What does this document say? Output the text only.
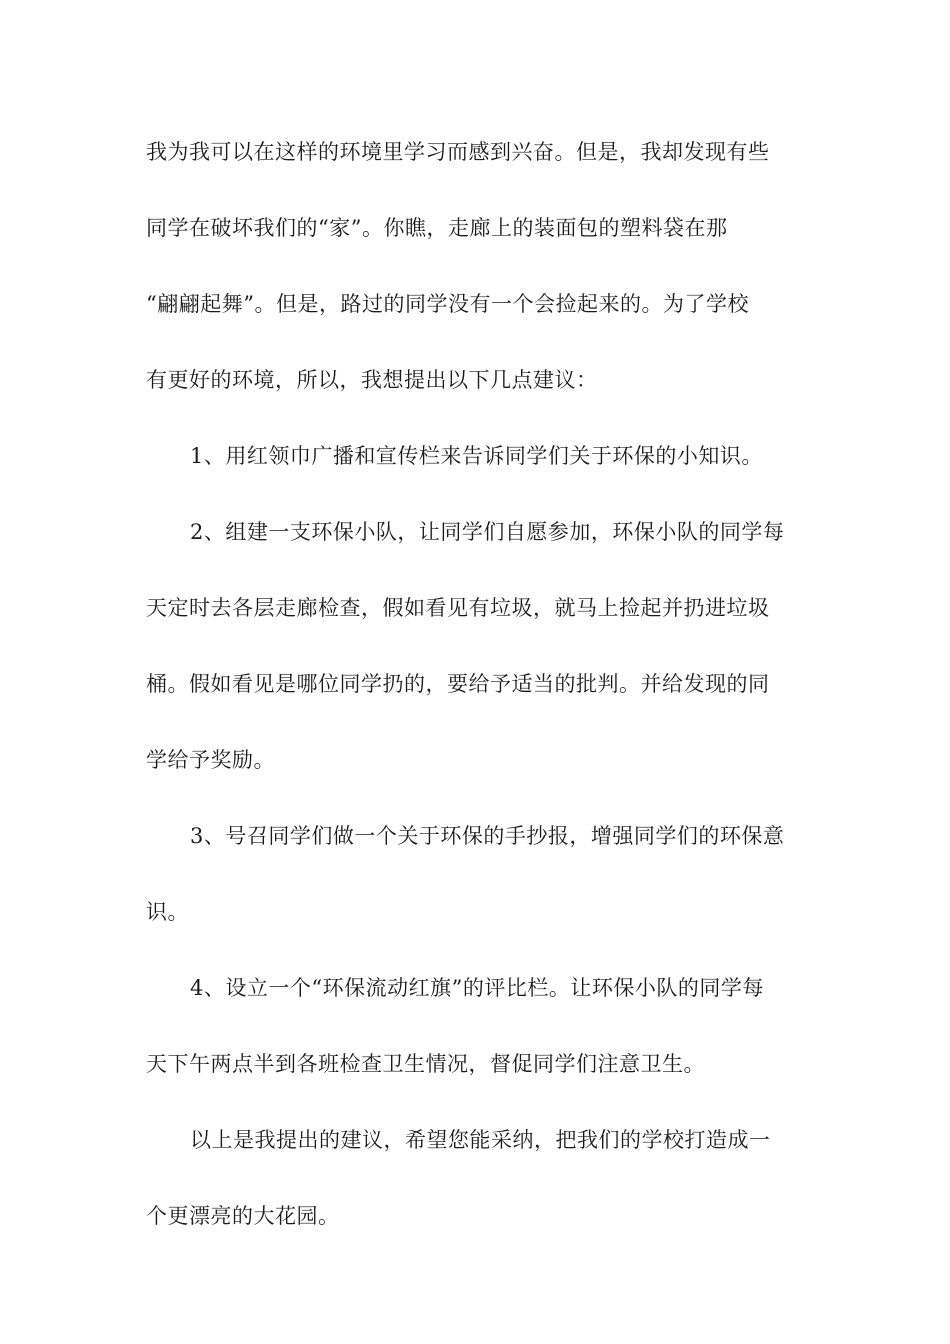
我为我可以在这样的环境里学习而感到兴奋。但是，我却发现有些
同学在破坏我们的“家”。你瞧，走廊上的装面包的塑料袋在那
“翩翩起舞”。但是，路过的同学没有一个会捡起来的。为了学校
有更好的环境，所以，我想提出以下几点建议：
1、用红领巾广播和宣传栏来告诉同学们关于环保的小知识。
2、组建一支环保小队，让同学们自愿参加，环保小队的同学每
天定时去各层走廊检查，假如看见有垃圾，就马上捡起并扔进垃圾
桶。假如看见是哪位同学扔的，要给予适当的批判。并给发现的同
学给予奖励。
3、号召同学们做一个关于环保的手抄报，增强同学们的环保意
识。
4、设立一个“环保流动红旗”的评比栏。让环保小队的同学每
天下午两点半到各班检查卫生情况，督促同学们注意卫生。
以上是我提出的建议，希望您能采纳，把我们的学校打造成一
个更漂亮的大花园。
